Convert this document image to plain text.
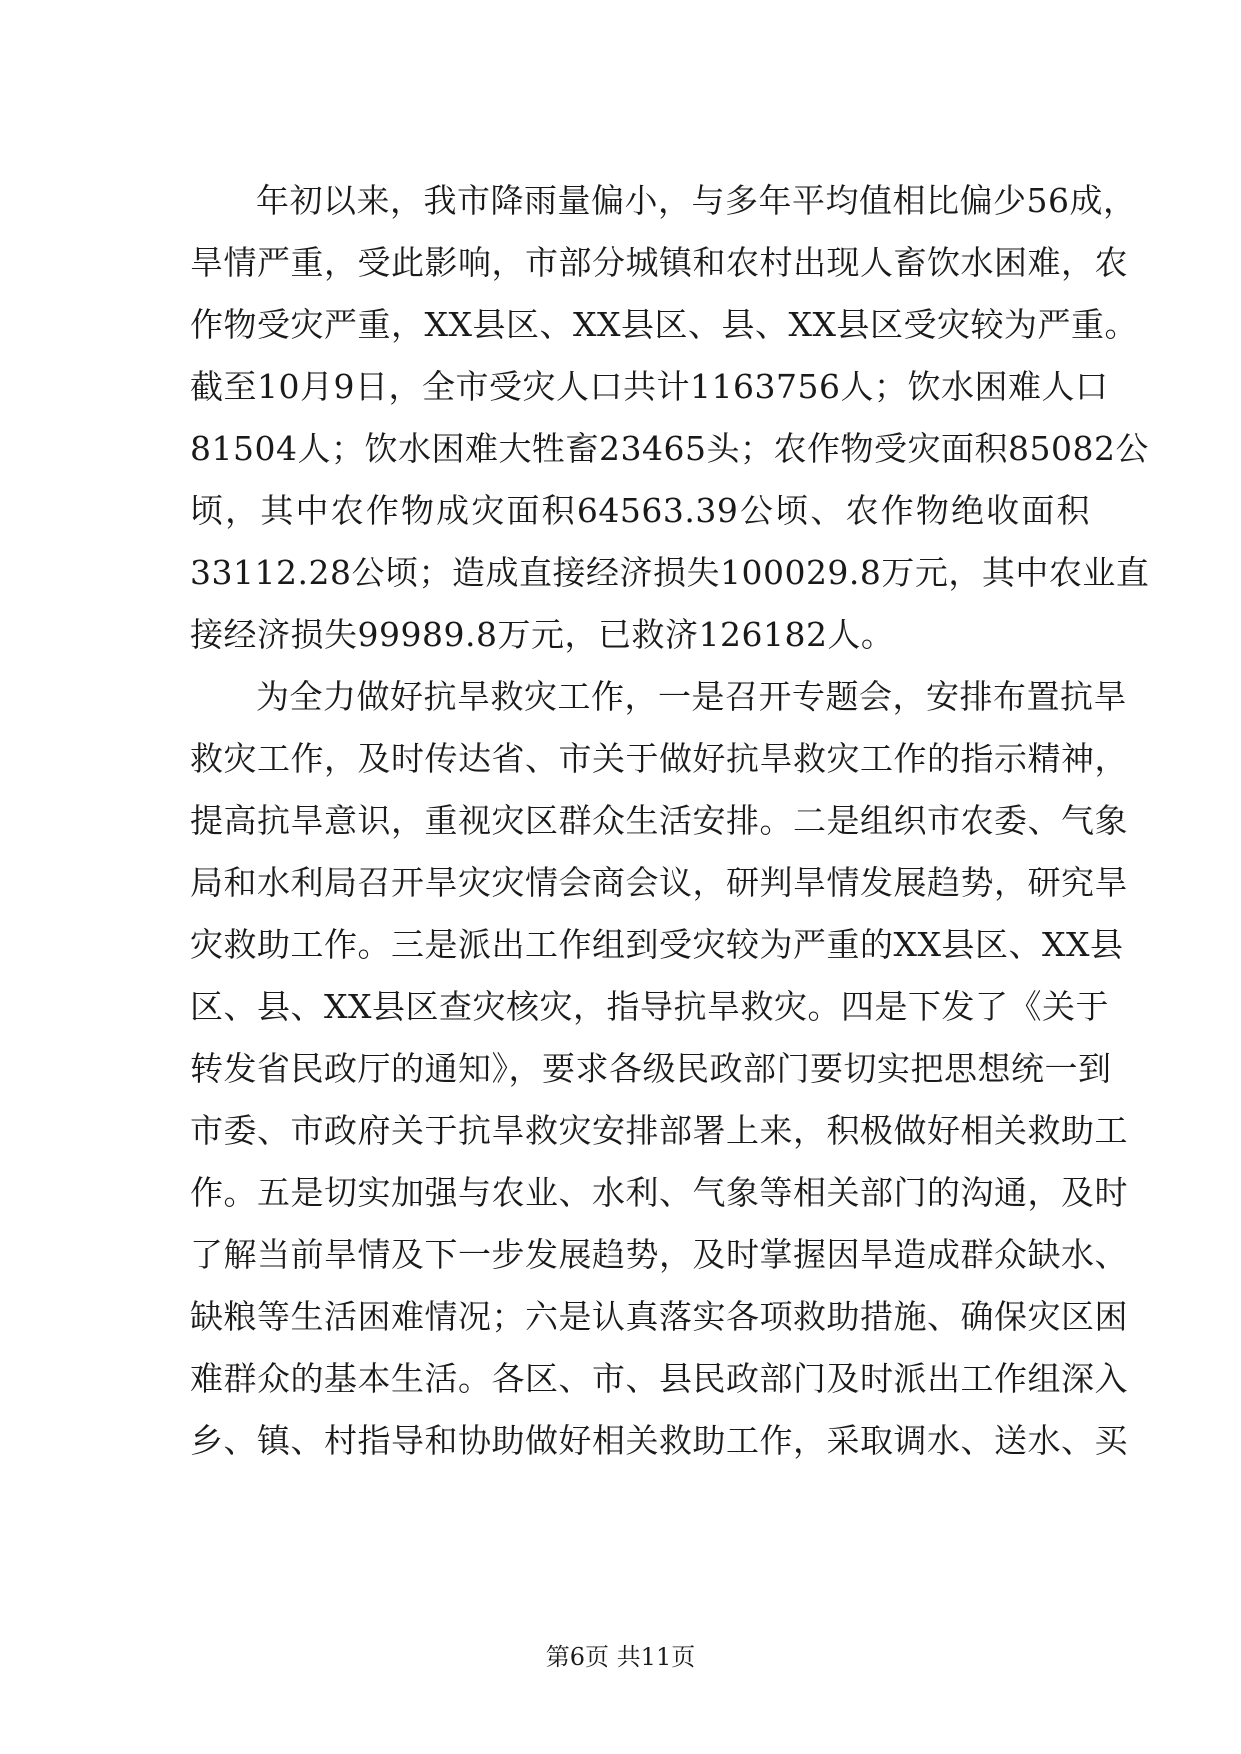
年初以来，我市降雨量偏小，与多年平均值相比偏少56成，
旱情严重，受此影响，市部分城镇和农村出现人畜饮水困难，农
作物受灾严重，XX县区、XX县区、县、XX县区受灾较为严重。
截至10月9日，全市受灾人口共计1163756人；饮水困难人口
81504人；饮水困难大牲畜23465头；农作物受灾面积85082公
顷，其中农作物成灾面积64563.39公顷、农作物绝收面积
33112.28公顷；造成直接经济损失100029.8万元，其中农业直
接经济损失99989.8万元，已救济126182人。
为全力做好抗旱救灾工作，一是召开专题会，安排布置抗旱
救灾工作，及时传达省、市关于做好抗旱救灾工作的指示精神，
提高抗旱意识，重视灾区群众生活安排。二是组织市农委、气象
局和水利局召开旱灾灾情会商会议，研判旱情发展趋势，研究旱
灾救助工作。三是派出工作组到受灾较为严重的XX县区、XX县
区、县、XX县区查灾核灾，指导抗旱救灾。四是下发了《关于
转发省民政厅的通知》，要求各级民政部门要切实把思想统一到
市委、市政府关于抗旱救灾安排部署上来，积极做好相关救助工
作。五是切实加强与农业、水利、气象等相关部门的沟通，及时
了解当前旱情及下一步发展趋势，及时掌握因旱造成群众缺水、
缺粮等生活困难情况；六是认真落实各项救助措施、确保灾区困
难群众的基本生活。各区、市、县民政部门及时派出工作组深入
乡、镇、村指导和协助做好相关救助工作，采取调水、送水、买
第6页 共11页
